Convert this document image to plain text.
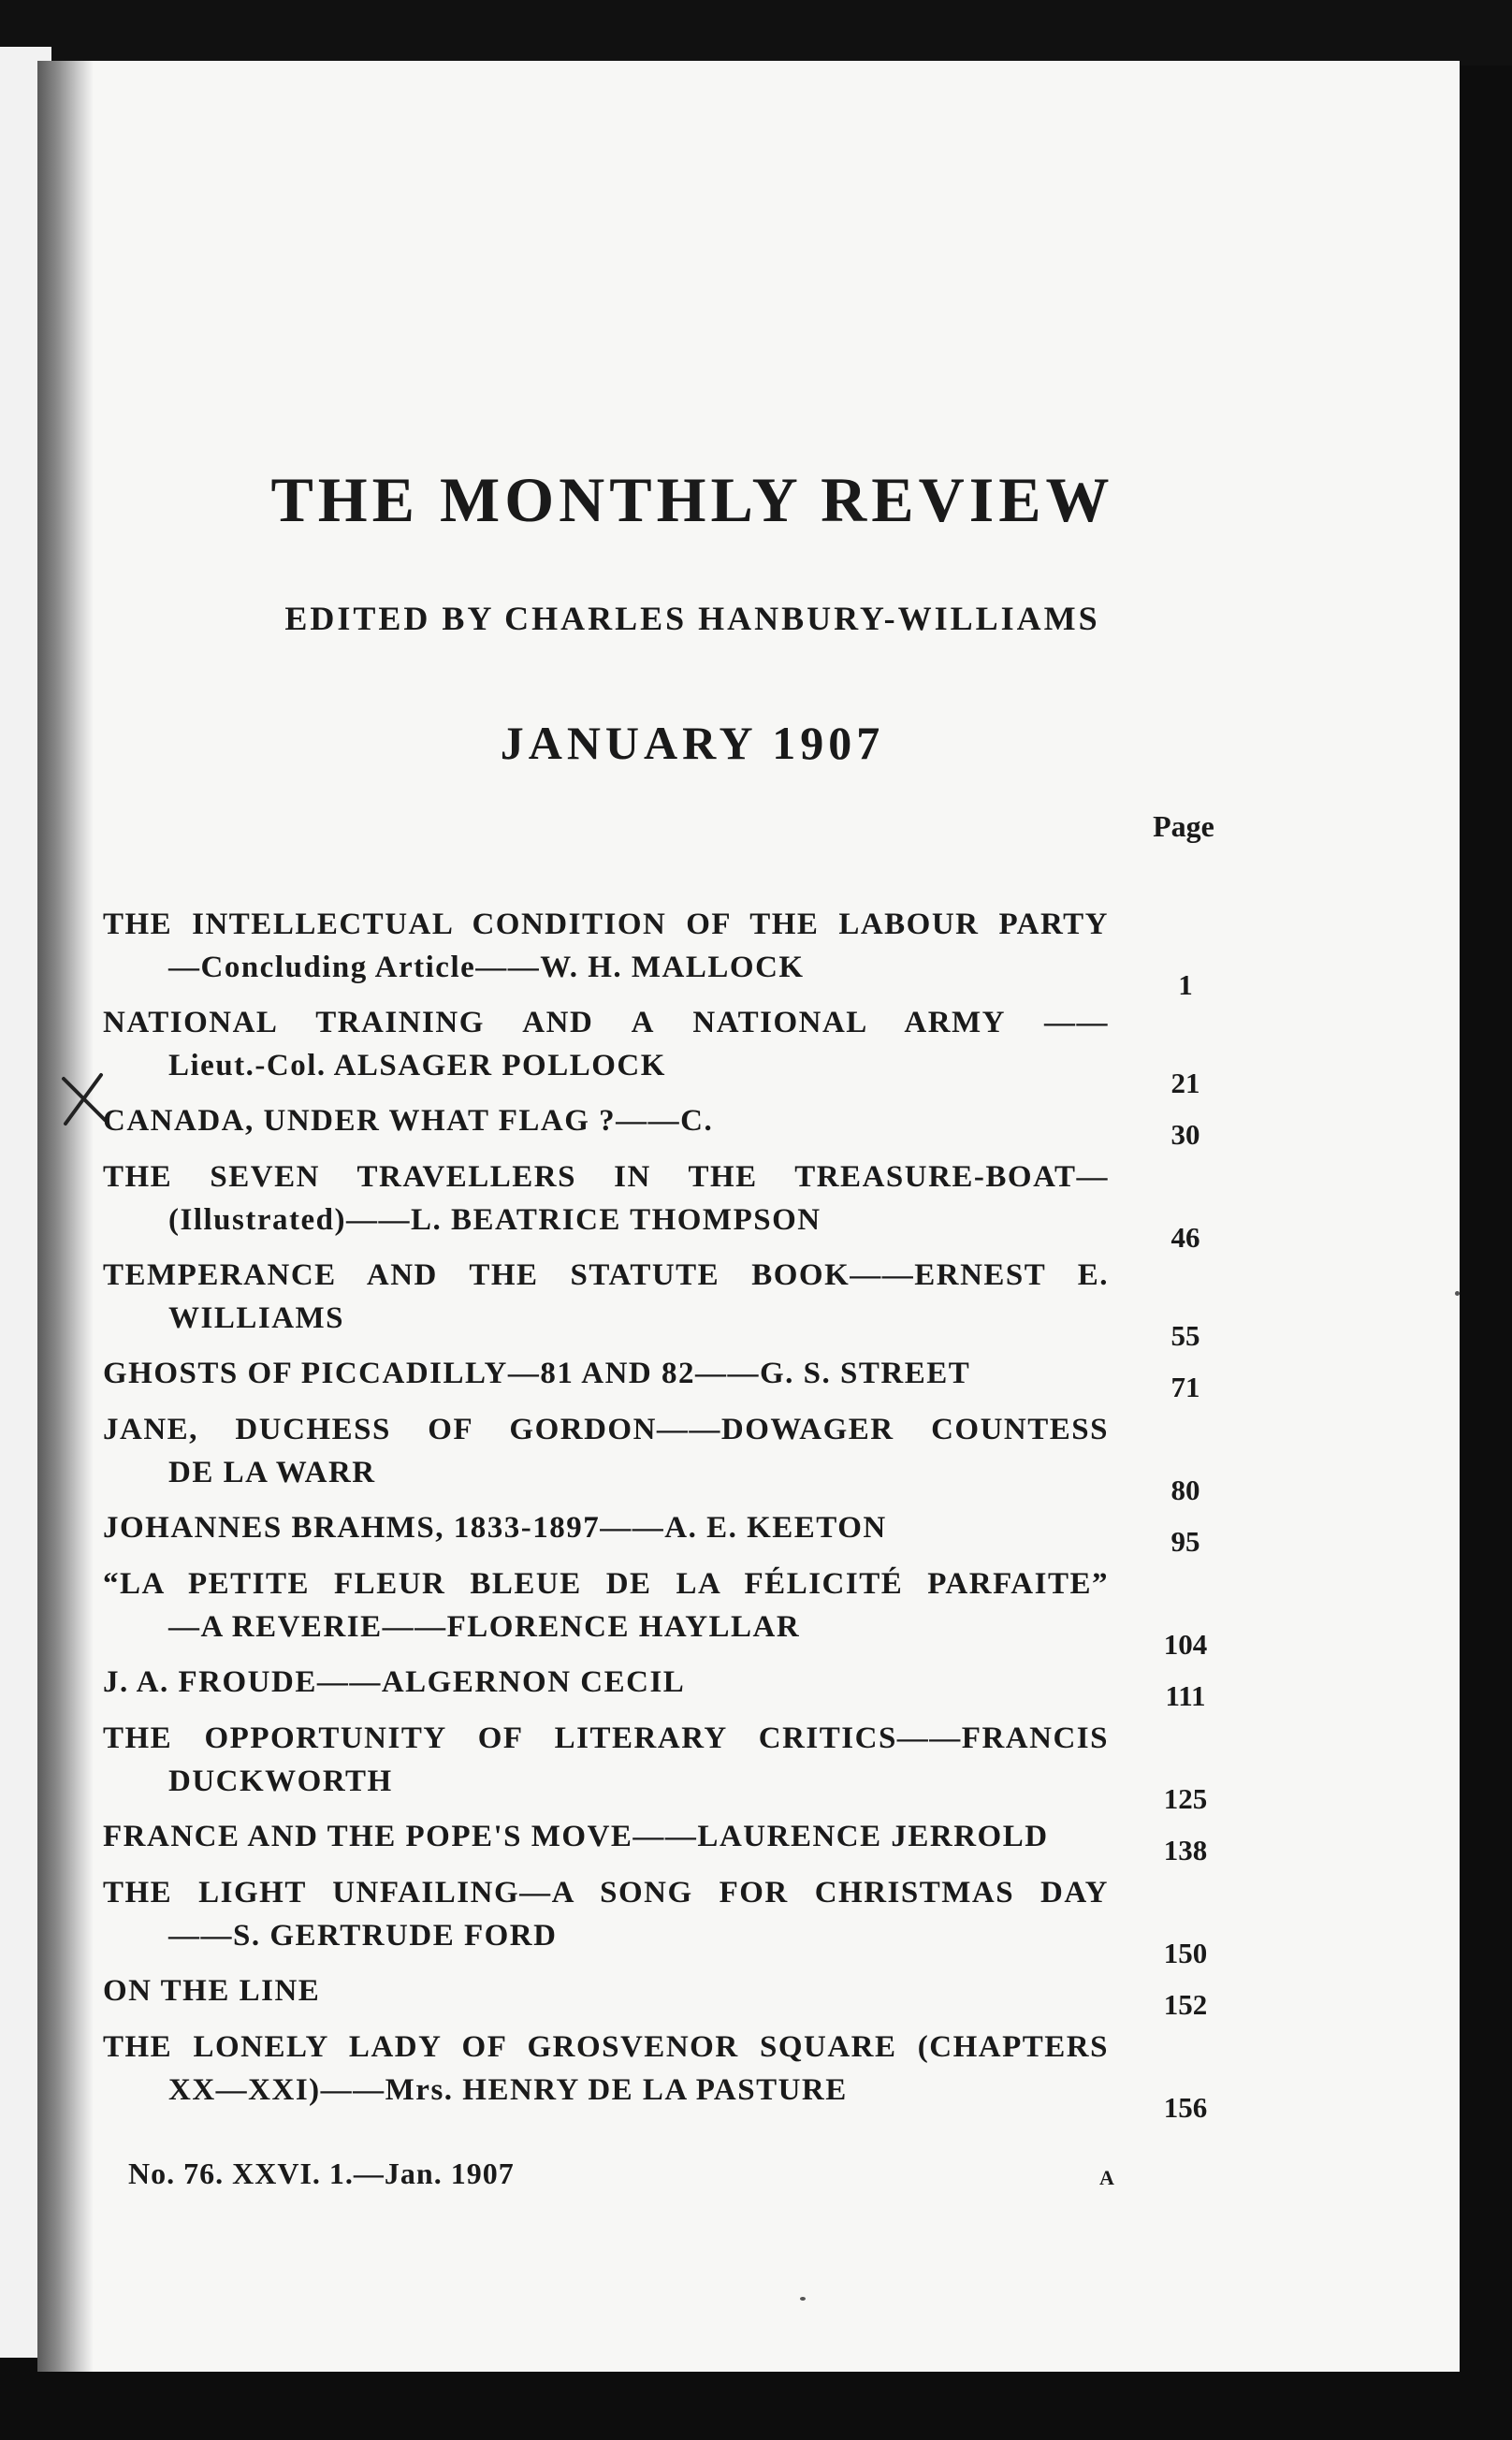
THE MONTHLY REVIEW
EDITED BY CHARLES HANBURY-WILLIAMS
JANUARY 1907
Page
THE INTELLECTUAL CONDITION OF THE LABOUR PARTY
—Concluding Article——W. H. MALLOCK
1
NATIONAL TRAINING AND A NATIONAL ARMY ——
Lieut.-Col. ALSAGER POLLOCK
21
CANADA, UNDER WHAT FLAG ?——C.	30
THE SEVEN TRAVELLERS IN THE TREASURE-BOAT—
(Illustrated)——L. BEATRICE THOMPSON
46
TEMPERANCE AND THE STATUTE BOOK——ERNEST E.
WILLIAMS
55
GHOSTS OF PICCADILLY—81 AND 82——G. S. STREET	71
JANE, DUCHESS OF GORDON——DOWAGER COUNTESS
DE LA WARR
80
JOHANNES BRAHMS, 1833-1897——A. E. KEETON	95
“LA PETITE FLEUR BLEUE DE LA FÉLICITÉ PARFAITE”
—A REVERIE——FLORENCE HAYLLAR
104
J. A. FROUDE——ALGERNON CECIL	111
THE OPPORTUNITY OF LITERARY CRITICS——FRANCIS
DUCKWORTH
125
FRANCE AND THE POPE'S MOVE——LAURENCE JERROLD	138
THE LIGHT UNFAILING—A SONG FOR CHRISTMAS DAY
——S. GERTRUDE FORD
150
ON THE LINE	152
THE LONELY LADY OF GROSVENOR SQUARE (CHAPTERS
XX—XXI)——Mrs. HENRY DE LA PASTURE
156
No. 76. XXVI. 1.—Jan. 1907	A
